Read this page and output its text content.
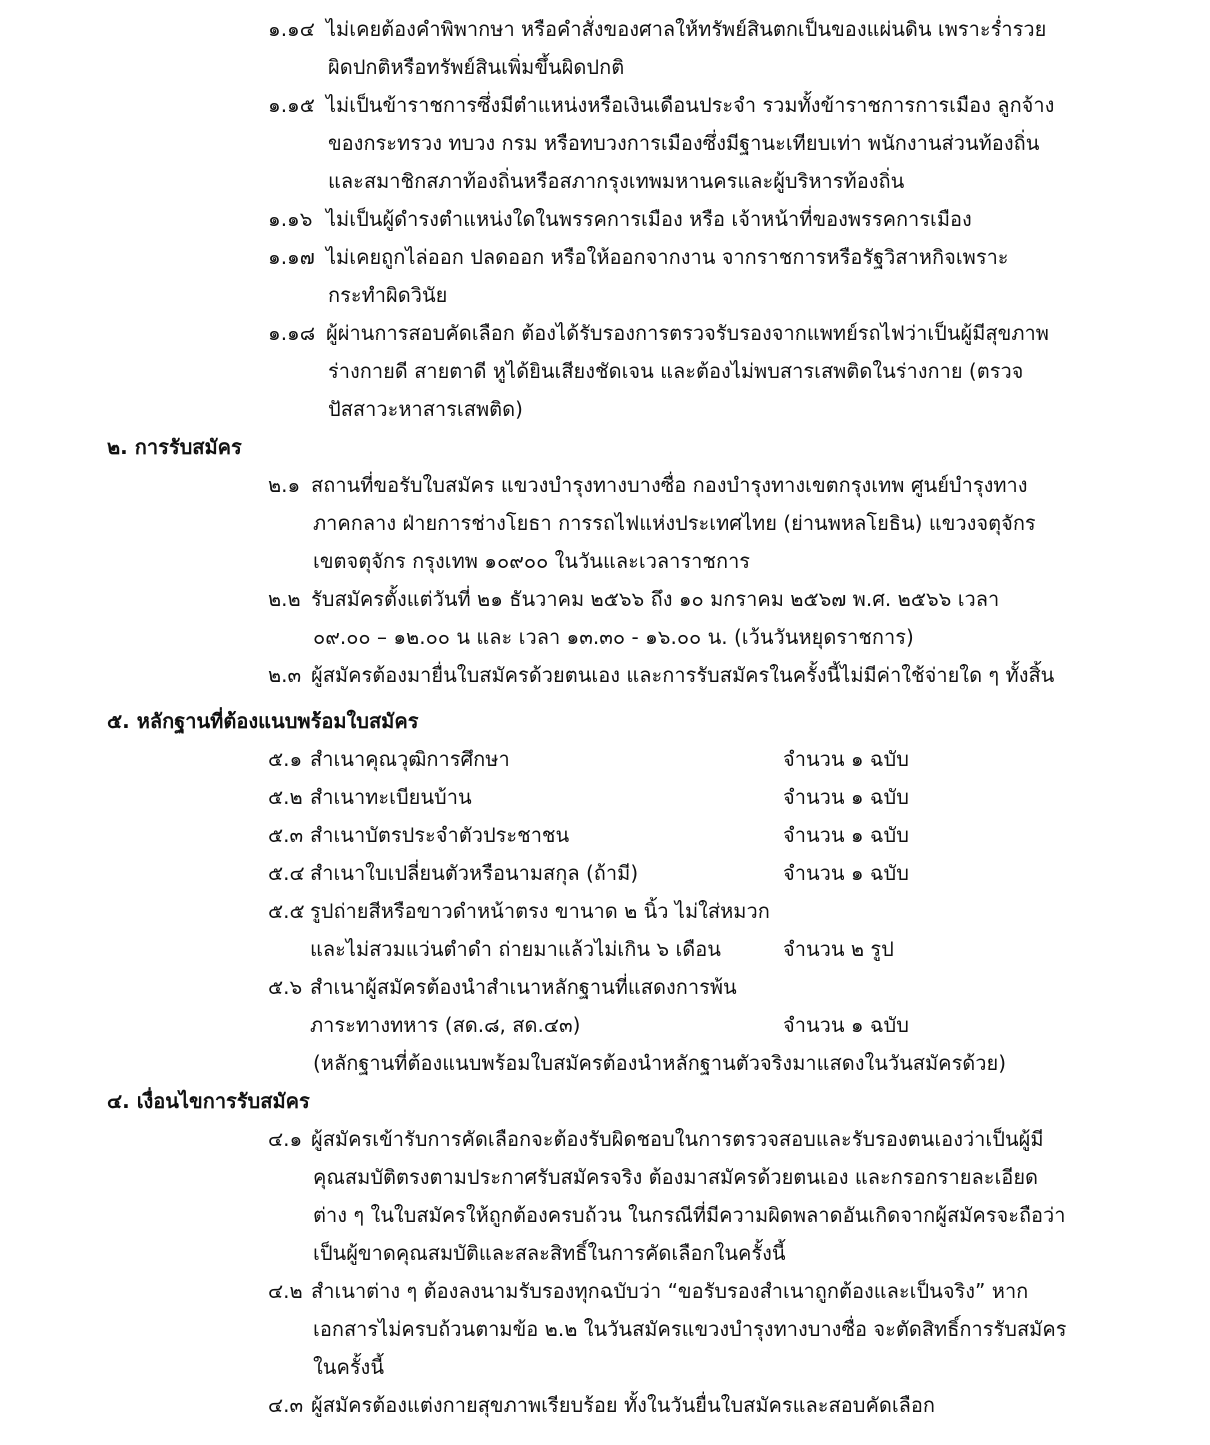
๑.๑๔ ไม่เคยต้องคำพิพากษา หรือคำสั่งของศาลให้ทรัพย์สินตกเป็นของแผ่นดิน เพราะร่ำรวย
ผิดปกติหรือทรัพย์สินเพิ่มขึ้นผิดปกติ
๑.๑๕ ไม่เป็นข้าราชการซึ่งมีตำแหน่งหรือเงินเดือนประจำ รวมทั้งข้าราชการการเมือง ลูกจ้าง
ของกระทรวง ทบวง กรม หรือทบวงการเมืองซึ่งมีฐานะเทียบเท่า พนักงานส่วนท้องถิ่น
และสมาชิกสภาท้องถิ่นหรือสภากรุงเทพมหานครและผู้บริหารท้องถิ่น
๑.๑๖ ไม่เป็นผู้ดำรงตำแหน่งใดในพรรคการเมือง หรือ เจ้าหน้าที่ของพรรคการเมือง
๑.๑๗ ไม่เคยถูกไล่ออก ปลดออก หรือให้ออกจากงาน จากราชการหรือรัฐวิสาหกิจเพราะ
กระทำผิดวินัย
๑.๑๘ ผู้ผ่านการสอบคัดเลือก ต้องได้รับรองการตรวจรับรองจากแพทย์รถไฟว่าเป็นผู้มีสุขภาพ
ร่างกายดี สายตาดี หูได้ยินเสียงชัดเจน และต้องไม่พบสารเสพติดในร่างกาย (ตรวจ
ปัสสาวะหาสารเสพติด)
๒. การรับสมัคร
๒.๑ สถานที่ขอรับใบสมัคร แขวงบำรุงทางบางซื่อ กองบำรุงทางเขตกรุงเทพ ศูนย์บำรุงทาง
ภาคกลาง ฝ่ายการช่างโยธา การรถไฟแห่งประเทศไทย (ย่านพหลโยธิน) แขวงจตุจักร
เขตจตุจักร กรุงเทพ ๑๐๙๐๐ ในวันและเวลาราชการ
๒.๒ รับสมัครตั้งแต่วันที่ ๒๑ ธันวาคม ๒๕๖๖ ถึง ๑๐ มกราคม ๒๕๖๗ พ.ศ. ๒๕๖๖ เวลา
๐๙.๐๐ – ๑๒.๐๐ น และ เวลา ๑๓.๓๐ - ๑๖.๐๐ น. (เว้นวันหยุดราชการ)
๒.๓ ผู้สมัครต้องมายื่นใบสมัครด้วยตนเอง และการรับสมัครในครั้งนี้ไม่มีค่าใช้จ่ายใด ๆ ทั้งสิ้น
๕. หลักฐานที่ต้องแนบพร้อมใบสมัคร
๕.๑ สำเนาคุณวุฒิการศึกษา	จำนวน ๑ ฉบับ
๕.๒ สำเนาทะเบียนบ้าน	จำนวน ๑ ฉบับ
๕.๓ สำเนาบัตรประจำตัวประชาชน	จำนวน ๑ ฉบับ
๕.๔ สำเนาใบเปลี่ยนตัวหรือนามสกุล (ถ้ามี)	จำนวน ๑ ฉบับ
๕.๕ รูปถ่ายสีหรือขาวดำหน้าตรง ขานาด ๒ นิ้ว ไม่ใส่หมวก
และไม่สวมแว่นตำดำ ถ่ายมาแล้วไม่เกิน ๖ เดือน	จำนวน ๒ รูป
๕.๖ สำเนาผู้สมัครต้องนำสำเนาหลักฐานที่แสดงการพ้น
ภาระทางทหาร (สด.๘, สด.๔๓)	จำนวน ๑ ฉบับ
(หลักฐานที่ต้องแนบพร้อมใบสมัครต้องนำหลักฐานตัวจริงมาแสดงในวันสมัครด้วย)
๔. เงื่อนไขการรับสมัคร
๔.๑ ผู้สมัครเข้ารับการคัดเลือกจะต้องรับผิดชอบในการตรวจสอบและรับรองตนเองว่าเป็นผู้มี
คุณสมบัติตรงตามประกาศรับสมัครจริง ต้องมาสมัครด้วยตนเอง และกรอกรายละเอียด
ต่าง ๆ ในใบสมัครให้ถูกต้องครบถ้วน ในกรณีที่มีความผิดพลาดอันเกิดจากผู้สมัครจะถือว่า
เป็นผู้ขาดคุณสมบัติและสละสิทธิ์ในการคัดเลือกในครั้งนี้
๔.๒ สำเนาต่าง ๆ ต้องลงนามรับรองทุกฉบับว่า “ขอรับรองสำเนาถูกต้องและเป็นจริง” หาก
เอกสารไม่ครบถ้วนตามข้อ ๒.๒ ในวันสมัครแขวงบำรุงทางบางซื่อ จะตัดสิทธิ์การรับสมัคร
ในครั้งนี้
๔.๓ ผู้สมัครต้องแต่งกายสุขภาพเรียบร้อย ทั้งในวันยื่นใบสมัครและสอบคัดเลือก
